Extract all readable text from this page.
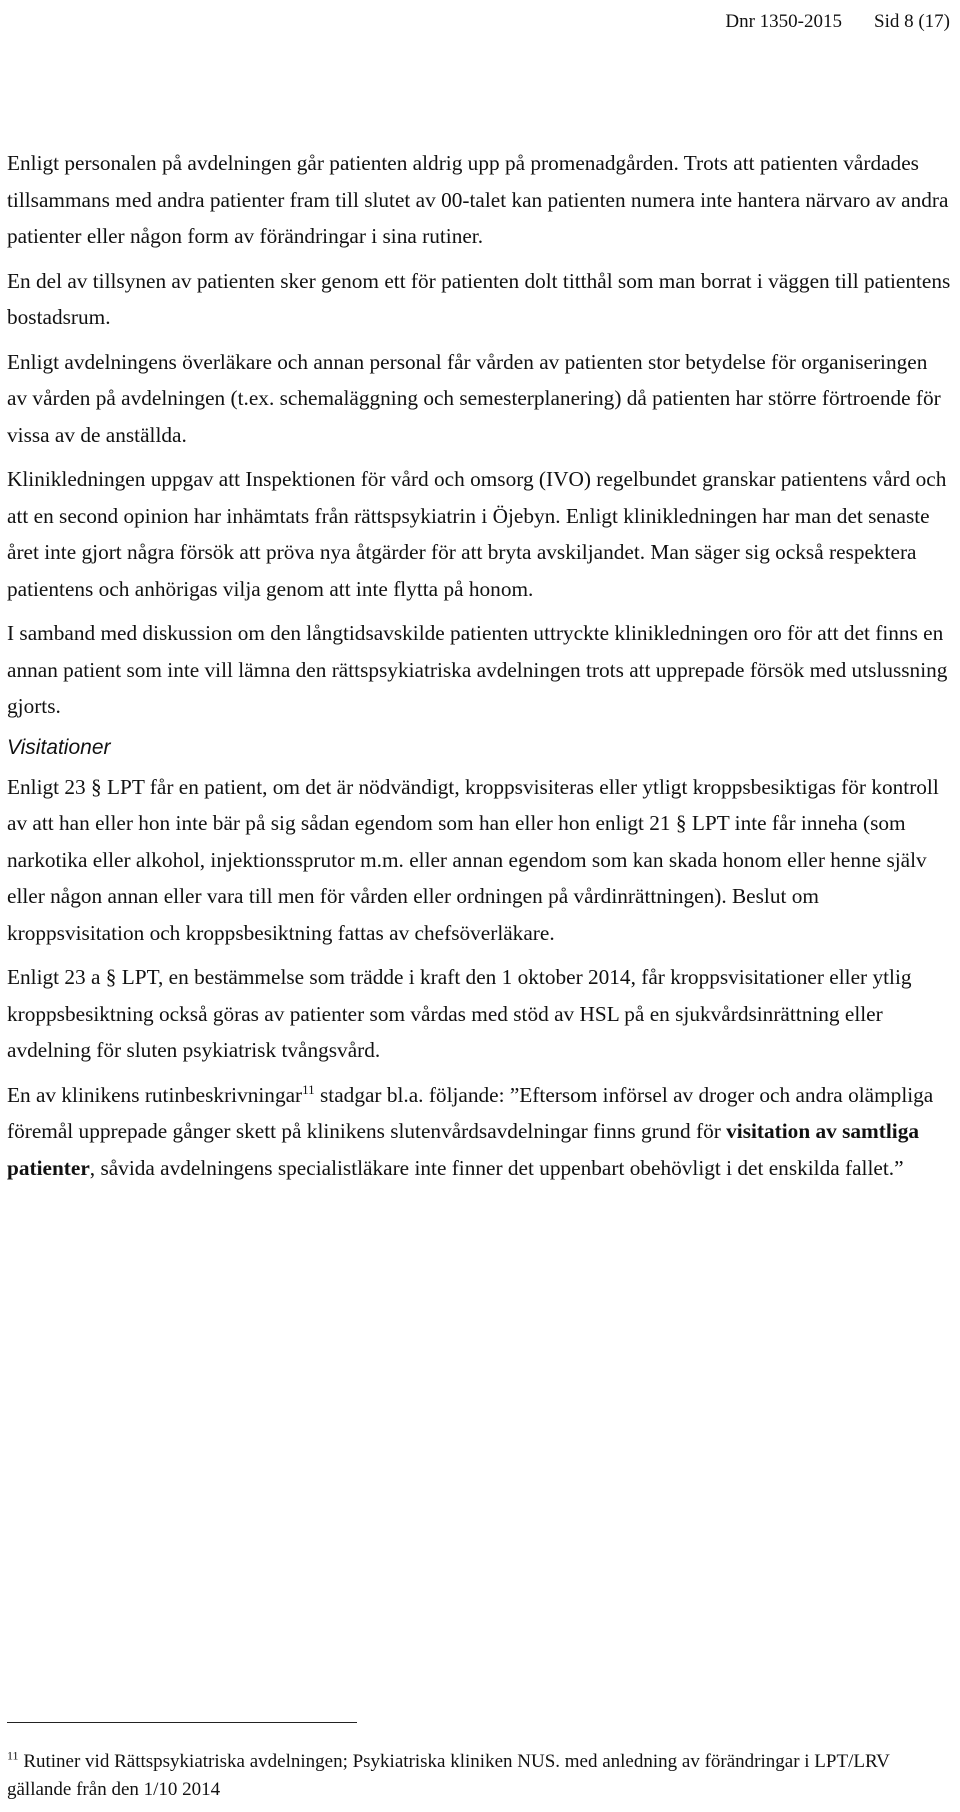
Dnr 1350-2015 Sid 8 (17)

Enligt personalen på avdelningen går patienten aldrig upp på promenadgården. Trots att patienten vårdades tillsammans med andra patienter fram till slutet av 00-talet kan patienten numera inte hantera närvaro av andra patienter eller någon form av förändringar i sina rutiner.

En del av tillsynen av patienten sker genom ett för patienten dolt titthål som man borrat i väggen till patientens bostadsrum.

Enligt avdelningens överläkare och annan personal får vården av patienten stor betydelse för organiseringen av vården på avdelningen (t.ex. schemaläggning och semesterplanering) då patienten har större förtroende för vissa av de anställda.

Klinikledningen uppgav att Inspektionen för vård och omsorg (IVO) regelbundet granskar patientens vård och att en second opinion har inhämtats från rättspsykiatrin i Öjebyn. Enligt klinikledningen har man det senaste året inte gjort några försök att pröva nya åtgärder för att bryta avskiljandet. Man säger sig också respektera patientens och anhörigas vilja genom att inte flytta på honom.

I samband med diskussion om den långtidsavskilde patienten uttryckte klinikledningen oro för att det finns en annan patient som inte vill lämna den rättspsykiatriska avdelningen trots att upprepade försök med utslussning gjorts.

Visitationer

Enligt 23 § LPT får en patient, om det är nödvändigt, kroppsvisiteras eller ytligt kroppsbesiktigas för kontroll av att han eller hon inte bär på sig sådan egendom som han eller hon enligt 21 § LPT inte får inneha (som narkotika eller alkohol, injektionssprutor m.m. eller annan egendom som kan skada honom eller henne själv eller någon annan eller vara till men för vården eller ordningen på vårdinrättningen). Beslut om kroppsvisitation och kroppsbesiktning fattas av chefsöverläkare.

Enligt 23 a § LPT, en bestämmelse som trädde i kraft den 1 oktober 2014, får kroppsvisitationer eller ytlig kroppsbesiktning också göras av patienter som vårdas med stöd av HSL på en sjukvårdsinrättning eller avdelning för sluten psykiatrisk tvångsvård.

En av klinikens rutinbeskrivningar$^{11}$ stadgar bl.a. följande: ”Eftersom införsel av droger och andra olämpliga föremål upprepade gånger skett på klinikens slutenvårdsavdelningar finns grund för visitation av samtliga patienter, såvida avdelningens specialistläkare inte finner det uppenbart obehövligt i det enskilda fallet.”

$^{11}$ Rutiner vid Rättspsykiatriska avdelningen; Psykiatriska kliniken NUS. med anledning av förändringar i LPT/LRV gällande från den 1/10 2014
